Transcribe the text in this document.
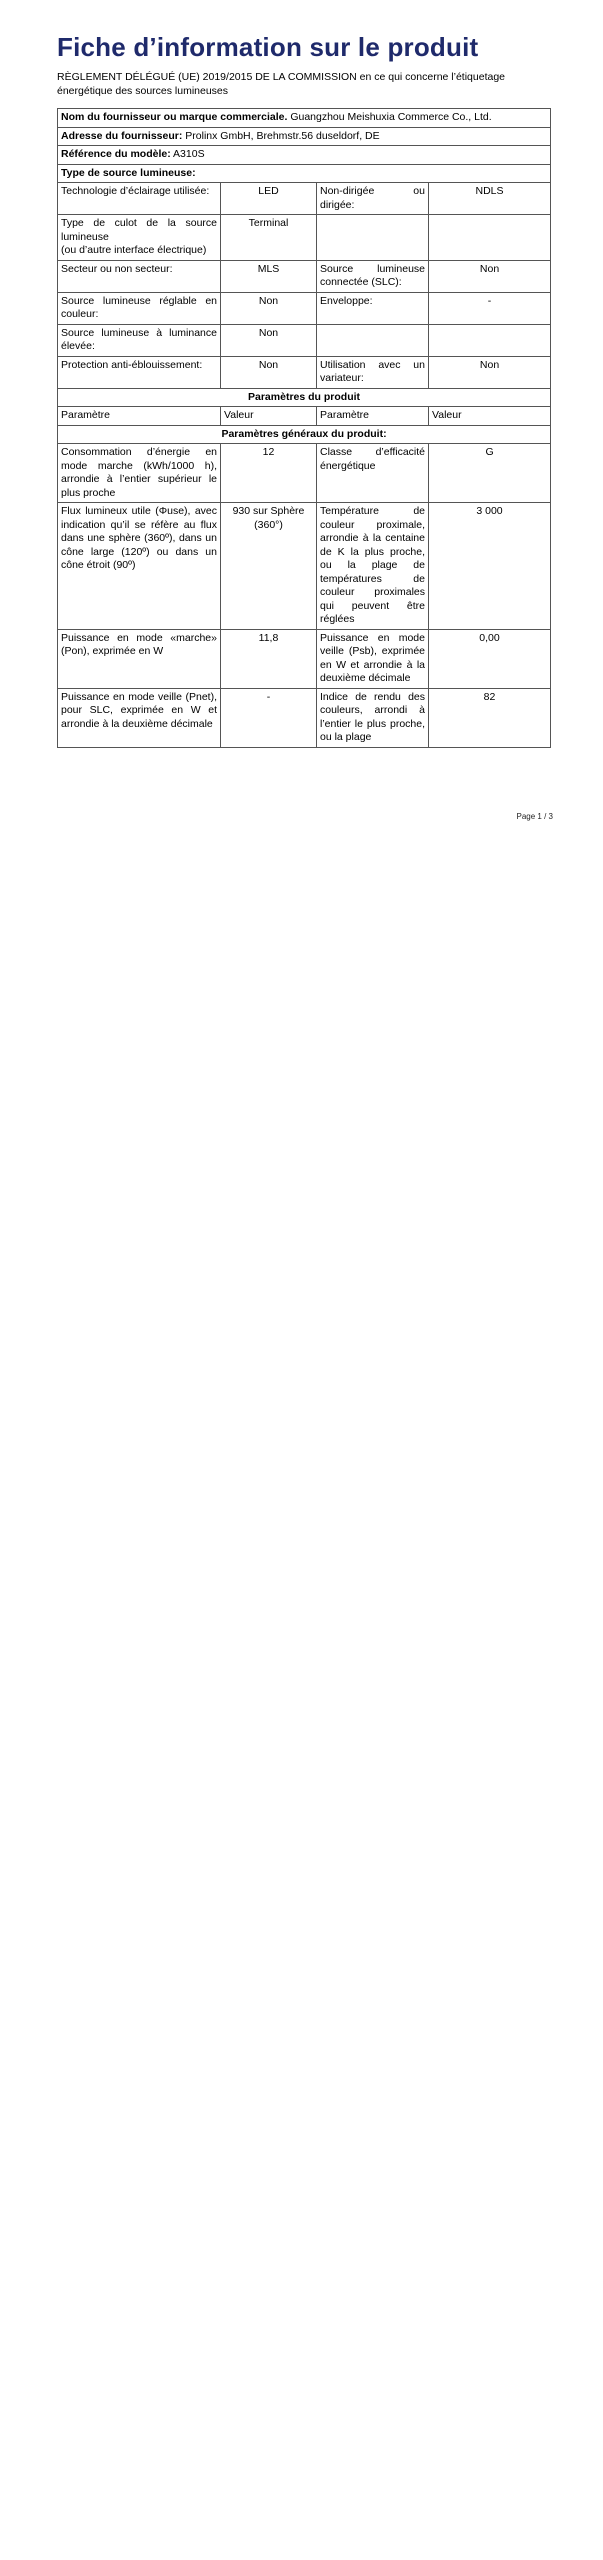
Fiche d’information sur le produit
RÈGLEMENT DÉLÉGUÉ (UE) 2019/2015 DE LA COMMISSION en ce qui concerne l’étiquetage énergétique des sources lumineuses
Nom du fournisseur ou marque commerciale. Guangzhou Meishuxia Commerce Co., Ltd.			
Adresse du fournisseur: Prolinx GmbH, Brehmstr.56 duseldorf, DE			
Référence du modèle: A310S			
Type de source lumineuse:			
Technologie d’éclairage utilisée:	LED	Non-dirigée ou dirigée:	NDLS
Type de culot de la source lumineuse
(ou d’autre interface électrique)	Terminal		
Secteur ou non secteur:	MLS	Source lumineuse connectée (SLC):	Non
Source lumineuse réglable en couleur:	Non	Enveloppe:	-
Source lumineuse à luminance élevée:	Non		
Protection anti-éblouissement:	Non	Utilisation avec un variateur:	Non
Paramètres du produit			
Paramètre	Valeur	Paramètre	Valeur
Paramètres généraux du produit:			
Consommation d’énergie en mode marche (kWh/1000 h), arrondie à l’entier supérieur le plus proche	12	Classe d’efficacité énergétique	G
Flux lumineux utile (Φuse), avec indication qu’il se réfère au flux dans une sphère (360º), dans un cône large (120º) ou dans un cône étroit (90º)	930 sur Sphère (360°)	Température de couleur proximale, arrondie à la centaine de K la plus proche, ou la plage de températures de couleur proximales qui peuvent être réglées	3 000
Puissance en mode «marche» (Pon), exprimée en W	11,8	Puissance en mode veille (Psb), exprimée en W et arrondie à la deuxième décimale	0,00
Puissance en mode veille (Pnet), pour SLC, exprimée en W et arrondie à la deuxième décimale	-	Indice de rendu des couleurs, arrondi à l’entier le plus proche, ou la plage	82
Page 1 / 3
